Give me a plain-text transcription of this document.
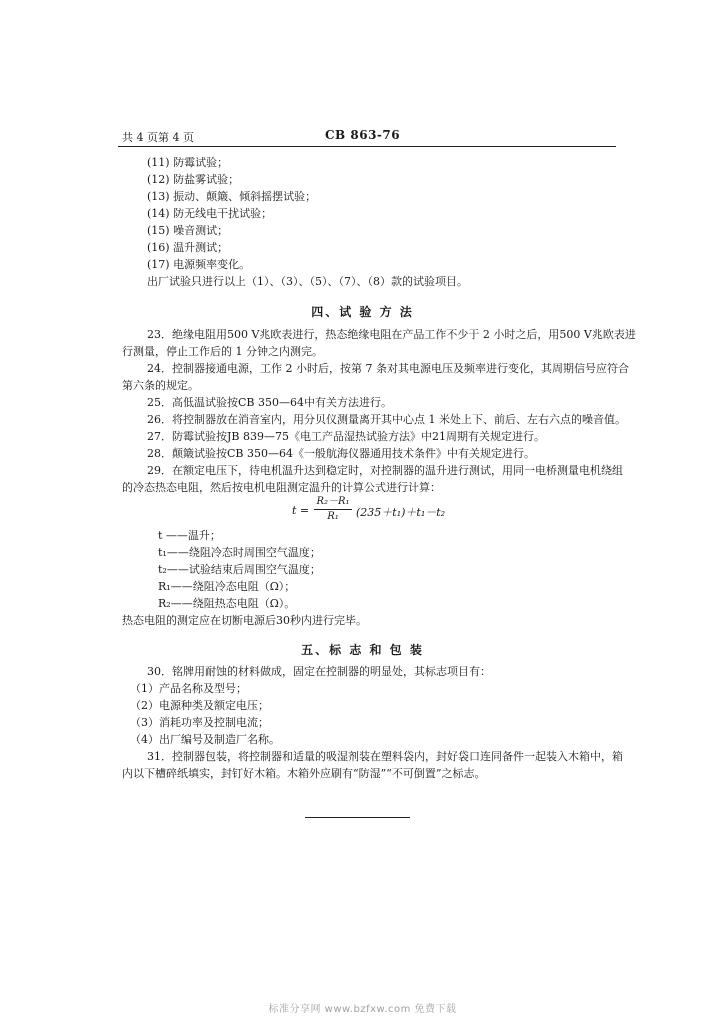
共 4 页第 4 页	CB 863-76
(11) 防霉试验；
(12) 防盐雾试验；
(13) 振动、颠簸、倾斜摇摆试验；
(14) 防无线电干扰试验；
(15) 噪音测试；
(16) 温升测试；
(17) 电源频率变化。
出厂试验只进行以上（1）、（3）、（5）、（7）、（8）款的试验项目。
四、试 验 方 法
23．绝缘电阻用500 V兆欧表进行，热态绝缘电阻在产品工作不少于 2 小时之后，用500 V兆欧表进
行测量，停止工作后的 1 分钟之内测完。
24．控制器接通电源，工作 2 小时后，按第 7 条对其电源电压及频率进行变化，其周期信号应符合
第六条的规定。
25．高低温试验按CB 350—64中有关方法进行。
26．将控制器放在消音室内，用分贝仪测量离开其中心点 1 米处上下、前后、左右六点的噪音值。
27．防霉试验按JB 839—75《电工产品湿热试验方法》中21周期有关规定进行。
28．颠簸试验按CB 350—64《一般航海仪器通用技术条件》中有关规定进行。
29．在额定电压下，待电机温升达到稳定时，对控制器的温升进行测试，用同一电桥测量电机绕组
的冷态热态电阻，然后按电机电阻测定温升的计算公式进行计算：
t =
R₂－R₁
R₁	(235＋t₁)＋t₁－t₂
t ——温升；
t₁——绕阻冷态时周围空气温度；
t₂——试验结束后周围空气温度；
R₁——绕阻冷态电阻（Ω）；
R₂——绕阻热态电阻（Ω）。
热态电阻的测定应在切断电源后30秒内进行完毕。
五、标 志 和 包 装
30．铭牌用耐蚀的材料做成，固定在控制器的明显处，其标志项目有：
（1）产品名称及型号；
（2）电源种类及额定电压；
（3）消耗功率及控制电流；
（4）出厂编号及制造厂名称。
31．控制器包装，将控制器和适量的吸湿剂装在塑料袋内，封好袋口连同备件一起装入木箱中，箱
内以下槽碎纸填实，封钉好木箱。木箱外应刷有“防湿”“不可倒置”之标志。
标准分享网 www.bzfxw.com 免费下载
